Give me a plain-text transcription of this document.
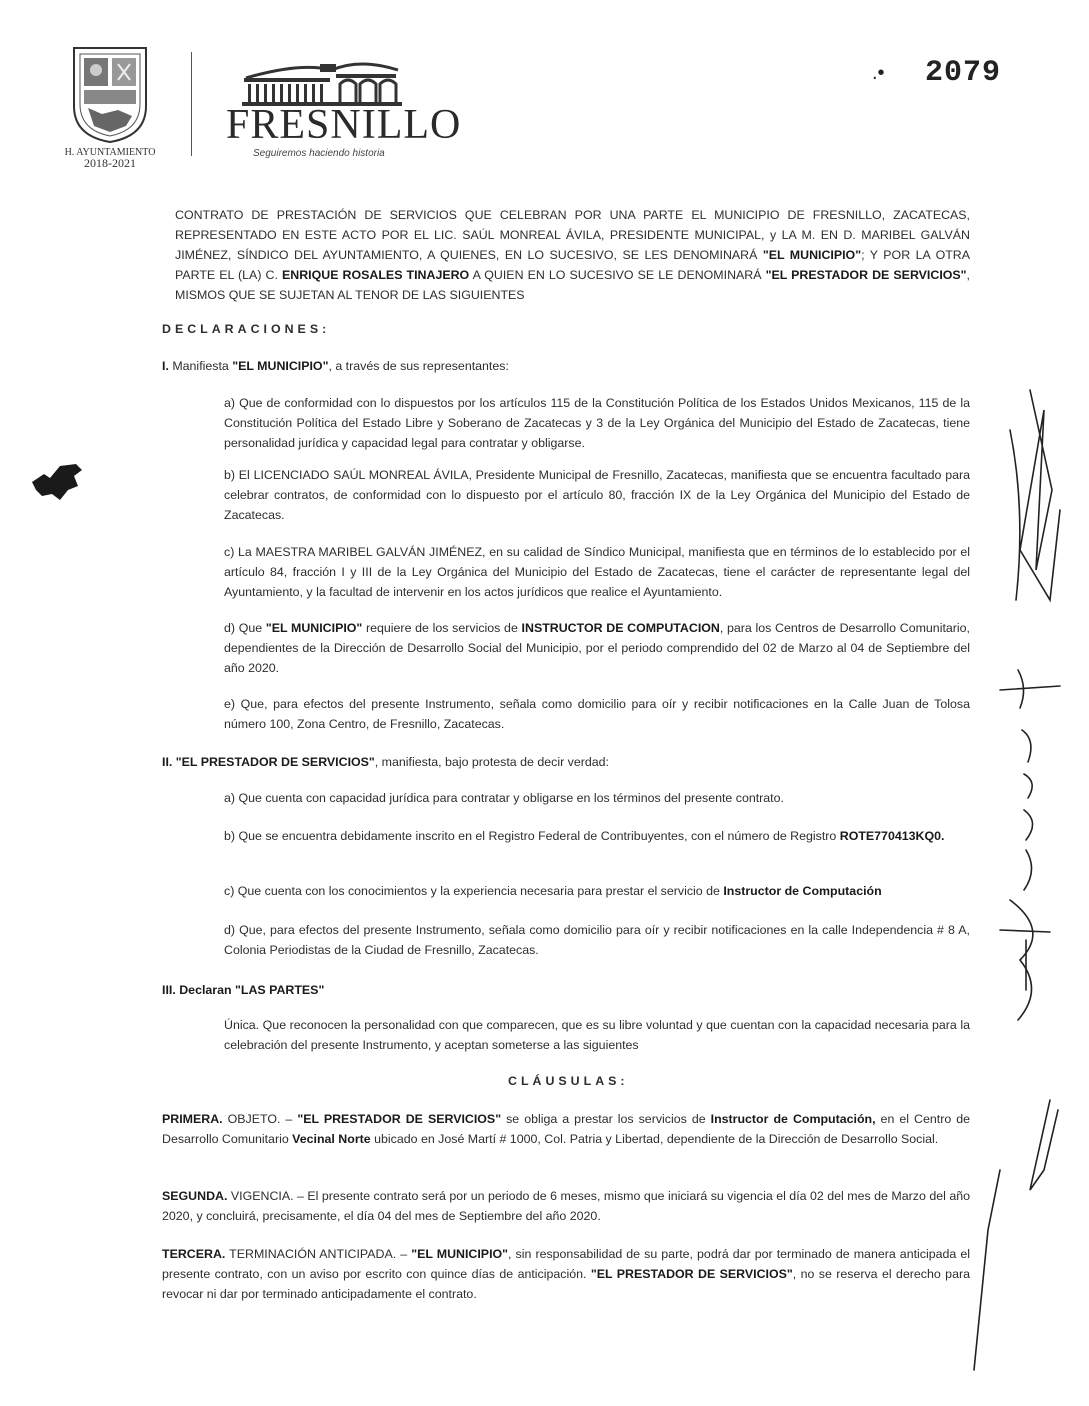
H. AYUNTAMIENTO
2018-2021
FRESNILLO
Seguiremos haciendo historia
.• 2079
CONTRATO DE PRESTACIÓN DE SERVICIOS QUE CELEBRAN POR UNA PARTE EL MUNICIPIO DE FRESNILLO, ZACATECAS, REPRESENTADO EN ESTE ACTO POR EL LIC. SAÚL MONREAL ÁVILA, PRESIDENTE MUNICIPAL, y LA M. EN D. MARIBEL GALVÁN JIMÉNEZ, SÍNDICO DEL AYUNTAMIENTO, A QUIENES, EN LO SUCESIVO, SE LES DENOMINARÁ "EL MUNICIPIO"; Y POR LA OTRA PARTE EL (LA) C. ENRIQUE ROSALES TINAJERO A QUIEN EN LO SUCESIVO SE LE DENOMINARÁ "EL PRESTADOR DE SERVICIOS", MISMOS QUE SE SUJETAN AL TENOR DE LAS SIGUIENTES
DECLARACIONES:
I. Manifiesta "EL MUNICIPIO", a través de sus representantes:
a) Que de conformidad con lo dispuestos por los artículos 115 de la Constitución Política de los Estados Unidos Mexicanos, 115 de la Constitución Política del Estado Libre y Soberano de Zacatecas y 3 de la Ley Orgánica del Municipio del Estado de Zacatecas, tiene personalidad jurídica y capacidad legal para contratar y obligarse.
b) El LICENCIADO SAÚL MONREAL ÁVILA, Presidente Municipal de Fresnillo, Zacatecas, manifiesta que se encuentra facultado para celebrar contratos, de conformidad con lo dispuesto por el artículo 80, fracción IX de la Ley Orgánica del Municipio del Estado de Zacatecas.
c) La MAESTRA MARIBEL GALVÁN JIMÉNEZ, en su calidad de Síndico Municipal, manifiesta que en términos de lo establecido por el artículo 84, fracción I y III de la Ley Orgánica del Municipio del Estado de Zacatecas, tiene el carácter de representante legal del Ayuntamiento, y la facultad de intervenir en los actos jurídicos que realice el Ayuntamiento.
d) Que "EL MUNICIPIO" requiere de los servicios de INSTRUCTOR DE COMPUTACION, para los Centros de Desarrollo Comunitario, dependientes de la Dirección de Desarrollo Social del Municipio, por el periodo comprendido del 02 de Marzo al 04 de Septiembre del año 2020.
e) Que, para efectos del presente Instrumento, señala como domicilio para oír y recibir notificaciones en la Calle Juan de Tolosa número 100, Zona Centro, de Fresnillo, Zacatecas.
II. "EL PRESTADOR DE SERVICIOS", manifiesta, bajo protesta de decir verdad:
a) Que cuenta con capacidad jurídica para contratar y obligarse en los términos del presente contrato.
b) Que se encuentra debidamente inscrito en el Registro Federal de Contribuyentes, con el número de Registro ROTE770413KQ0.
c) Que cuenta con los conocimientos y la experiencia necesaria para prestar el servicio de Instructor de Computación
d) Que, para efectos del presente Instrumento, señala como domicilio para oír y recibir notificaciones en la calle Independencia # 8 A, Colonia Periodistas de la Ciudad de Fresnillo, Zacatecas.
III. Declaran "LAS PARTES"
Única. Que reconocen la personalidad con que comparecen, que es su libre voluntad y que cuentan con la capacidad necesaria para la celebración del presente Instrumento, y aceptan someterse a las siguientes
CLÁUSULAS:
PRIMERA. OBJETO. – "EL PRESTADOR DE SERVICIOS" se obliga a prestar los servicios de Instructor de Computación, en el Centro de Desarrollo Comunitario Vecinal Norte ubicado en José Martí # 1000, Col. Patria y Libertad, dependiente de la Dirección de Desarrollo Social.
SEGUNDA. VIGENCIA. – El presente contrato será por un periodo de 6 meses, mismo que iniciará su vigencia el día 02 del mes de Marzo del año 2020, y concluirá, precisamente, el día 04 del mes de Septiembre del año 2020.
TERCERA. TERMINACIÓN ANTICIPADA. – "EL MUNICIPIO", sin responsabilidad de su parte, podrá dar por terminado de manera anticipada el presente contrato, con un aviso por escrito con quince días de anticipación. "EL PRESTADOR DE SERVICIOS", no se reserva el derecho para revocar ni dar por terminado anticipadamente el contrato.
